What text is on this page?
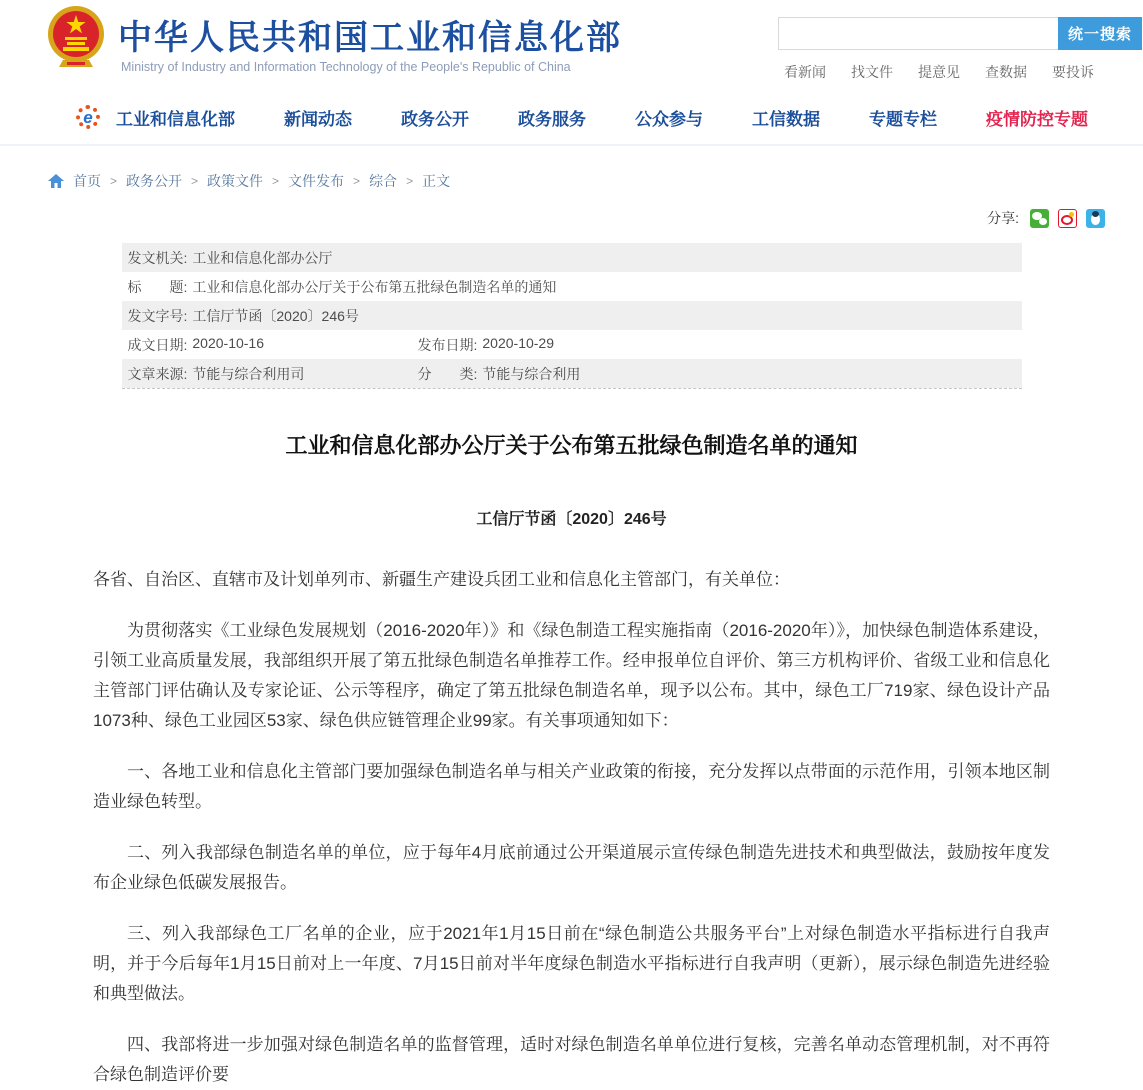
中华人民共和国工业和信息化部
Ministry of Industry and Information Technology of the People's Republic of China
统一搜索
看新闻 找文件 提意见 查数据 要投诉
e 工业和信息化部	新闻动态	政务公开	政务服务	公众参与	工信数据	专题专栏	疫情防控专题
首页 > 政务公开 > 政策文件 > 文件发布 > 综合 > 正文
分享:
发文机关: 工业和信息化部办公厅
标　　题: 工业和信息化部办公厅关于公布第五批绿色制造名单的通知
发文字号: 工信厅节函〔2020〕246号
成文日期: 2020-10-16	发布日期: 2020-10-29
文章来源: 节能与综合利用司	分　　类: 节能与综合利用
工业和信息化部办公厅关于公布第五批绿色制造名单的通知
工信厅节函〔2020〕246号

各省、自治区、直辖市及计划单列市、新疆生产建设兵团工业和信息化主管部门，有关单位：

为贯彻落实《工业绿色发展规划（2016-2020年）》和《绿色制造工程实施指南（2016-2020年）》，加快绿色制造体系建设，引领工业高质量发展，我部组织开展了第五批绿色制造名单推荐工作。经申报单位自评价、第三方机构评价、省级工业和信息化主管部门评估确认及专家论证、公示等程序，确定了第五批绿色制造名单，现予以公布。其中，绿色工厂719家、绿色设计产品1073种、绿色工业园区53家、绿色供应链管理企业99家。有关事项通知如下：

一、各地工业和信息化主管部门要加强绿色制造名单与相关产业政策的衔接，充分发挥以点带面的示范作用，引领本地区制造业绿色转型。

二、列入我部绿色制造名单的单位，应于每年4月底前通过公开渠道展示宣传绿色制造先进技术和典型做法，鼓励按年度发布企业绿色低碳发展报告。

三、列入我部绿色工厂名单的企业，应于2021年1月15日前在“绿色制造公共服务平台”上对绿色制造水平指标进行自我声明，并于今后每年1月15日前对上一年度、7月15日前对半年度绿色制造水平指标进行自我声明（更新），展示绿色制造先进经验和典型做法。

四、我部将进一步加强对绿色制造名单的监督管理，适时对绿色制造名单单位进行复核，完善名单动态管理机制，对不再符合绿色制造评价要
